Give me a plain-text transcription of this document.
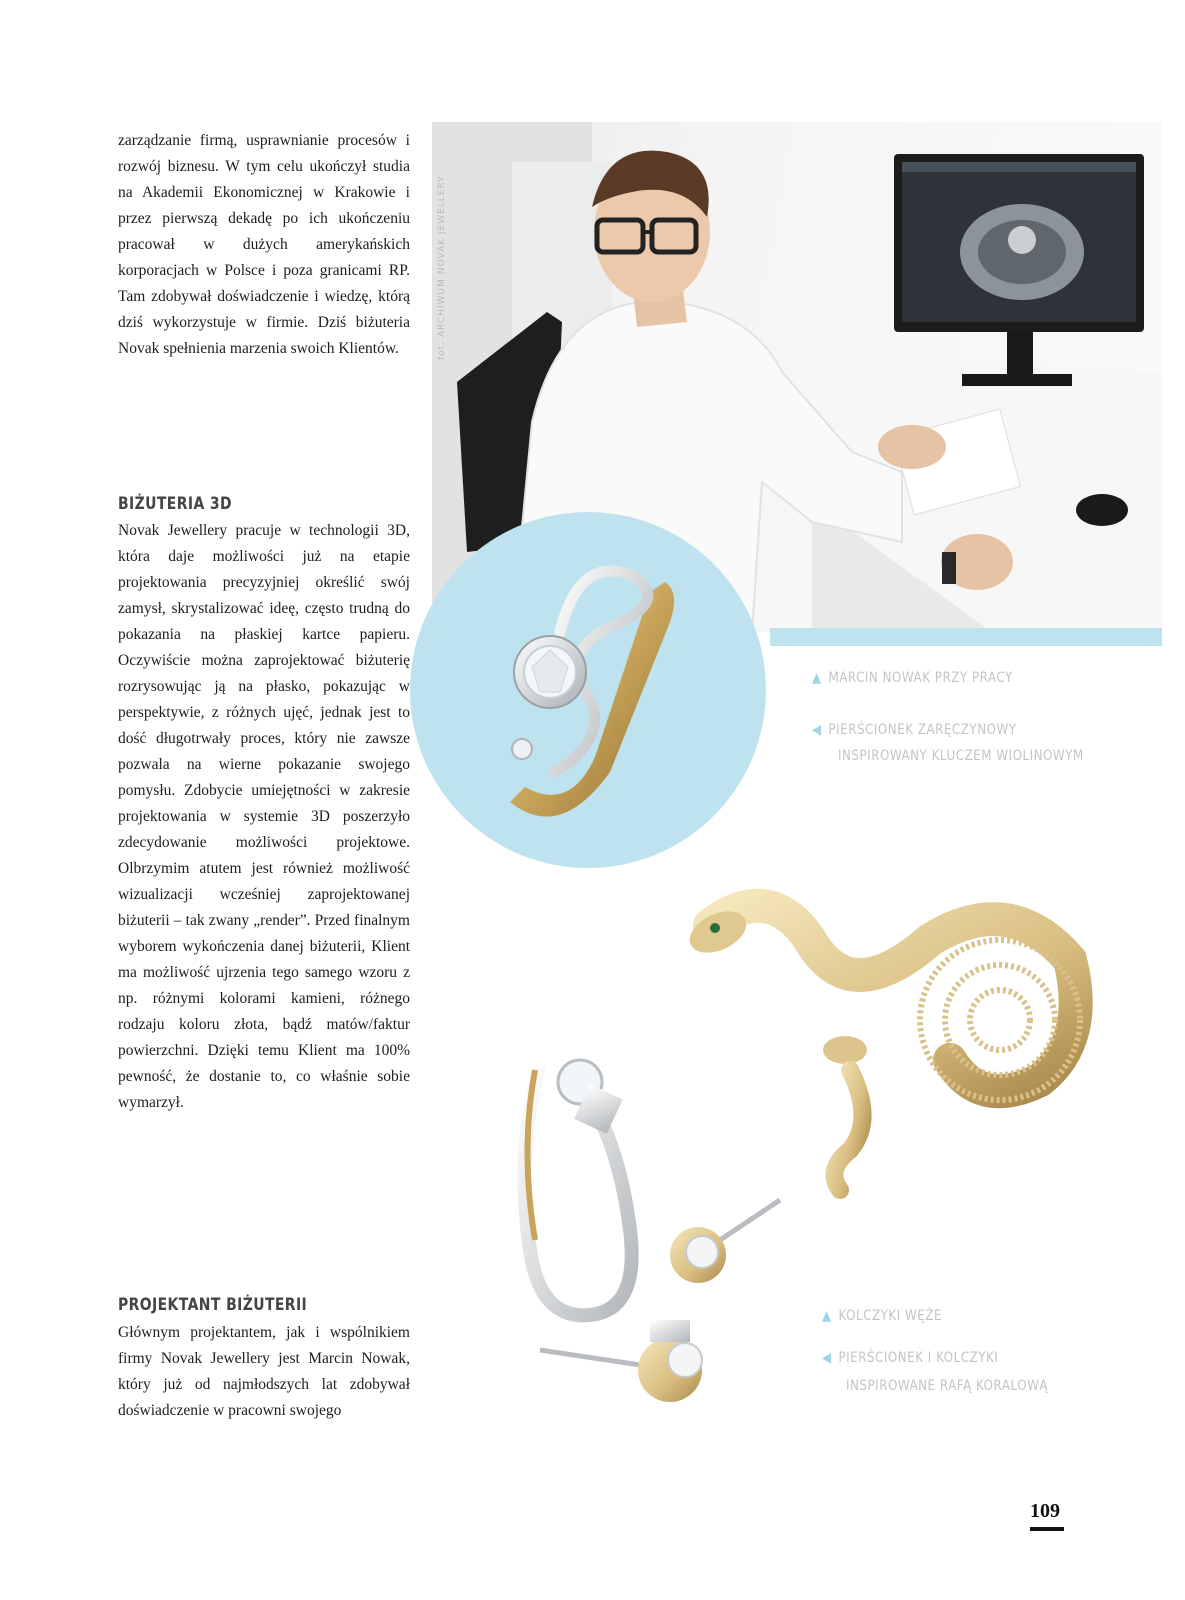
zarządzanie firmą, usprawnianie procesów i rozwój biznesu. W tym celu ukończył studia na Akademii Ekonomicznej w Krakowie i przez pierwszą dekadę po ich ukończeniu pracował w dużych amerykańskich korporacjach w Polsce i poza granicami RP. Tam zdobywał doświadczenie i wiedzę, którą dziś wykorzystuje w firmie. Dziś biżuteria Novak spełnienia marzenia swoich Klientów.

BIŻUTERIA 3D

Novak Jewellery pracuje w technologii 3D, która daje możliwości już na etapie projektowania precyzyjniej określić swój zamysł, skrystalizować ideę, często trudną do pokazania na płaskiej kartce papieru. Oczywiście można zaprojektować biżuterię rozrysowując ją na płasko, pokazując w perspektywie, z różnych ujęć, jednak jest to dość długotrwały proces, który nie zawsze pozwala na wierne pokazanie swojego pomysłu. Zdobycie umiejętności w zakresie projektowania w systemie 3D poszerzyło zdecydowanie możliwości projektowe. Olbrzymim atutem jest również możliwość wizualizacji wcześniej zaprojektowanej biżuterii – tak zwany „render”. Przed finalnym wyborem wykończenia danej biżuterii, Klient ma możliwość ujrzenia tego samego wzoru z np. różnymi kolorami kamieni, różnego rodzaju koloru złota, bądź matów/faktur powierzchni. Dzięki temu Klient ma 100% pewność, że dostanie to, co właśnie sobie wymarzył.

PROJEKTANT BIŻUTERII

Głównym projektantem, jak i wspólnikiem firmy Novak Jewellery jest Marcin Nowak, który już od najmłodszych lat zdobywał doświadczenie w pracowni swojego

fot. ARCHIWUM NOVAK JEWELLERY
▲ MARCIN NOWAK PRZY PRACY
◀ PIERŚCIONEK ZARĘCZYNOWY
INSPIROWANY KLUCZEM WIOLINOWYM
▲ KOLCZYKI WĘŻE
◀ PIERŚCIONEK I KOLCZYKI
INSPIROWANE RAFĄ KORALOWĄ
109
